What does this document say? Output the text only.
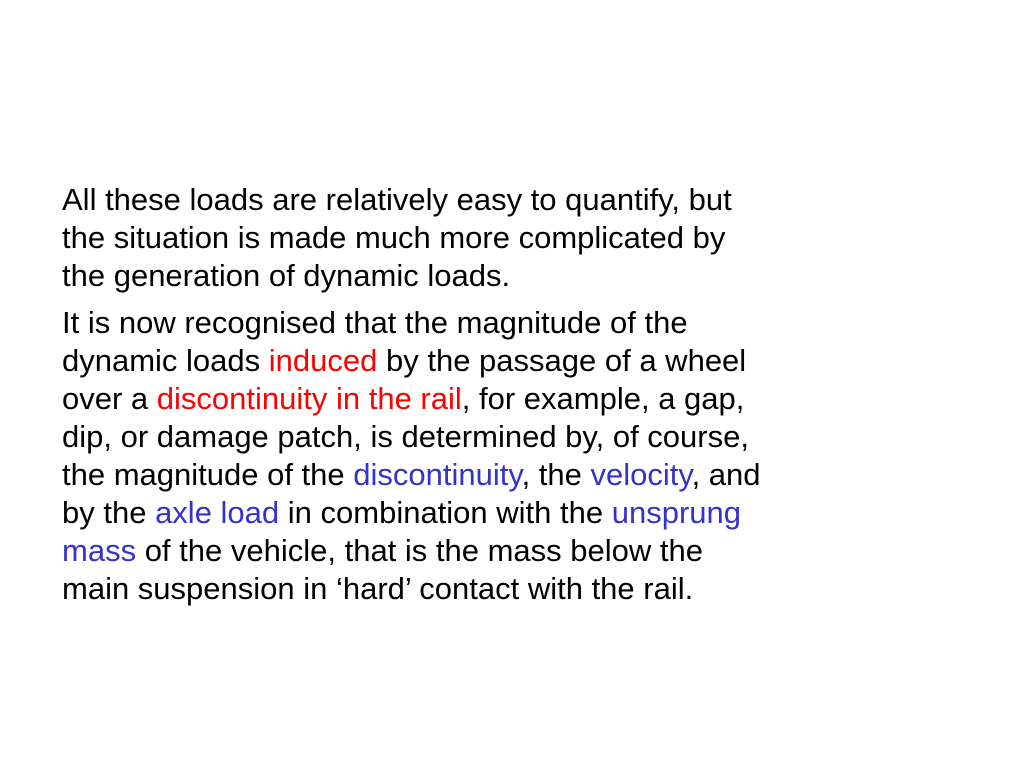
All these loads are relatively easy to quantify, but
the situation is made much more complicated by
the generation of dynamic loads.

It is now recognised that the magnitude of the
dynamic loads induced by the passage of a wheel
over a discontinuity in the rail, for example, a gap,
dip, or damage patch, is determined by, of course,
the magnitude of the discontinuity, the velocity, and
by the axle load in combination with the unsprung
mass of the vehicle, that is the mass below the
main suspension in ‘hard’ contact with the rail.
